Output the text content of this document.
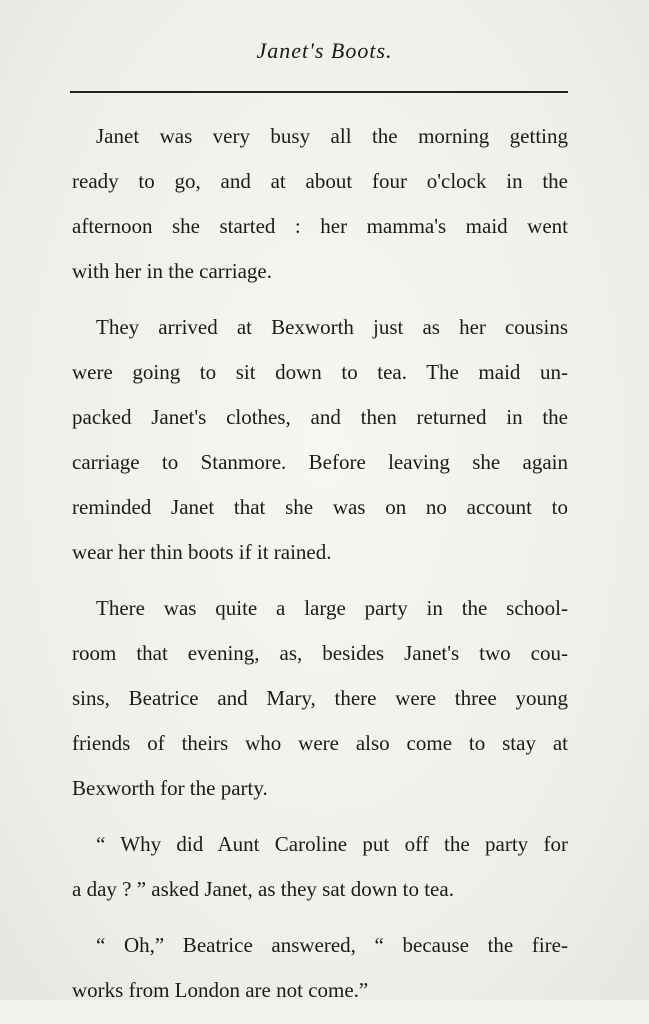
Janet's Boots.

Janet was very busy all the morning getting
ready to go, and at about four o'clock in the
afternoon she started : her mamma's maid went
with her in the carriage.

They arrived at Bexworth just as her cousins
were going to sit down to tea. The maid un-
packed Janet's clothes, and then returned in the
carriage to Stanmore. Before leaving she again
reminded Janet that she was on no account to
wear her thin boots if it rained.

There was quite a large party in the school-
room that evening, as, besides Janet's two cou-
sins, Beatrice and Mary, there were three young
friends of theirs who were also come to stay at
Bexworth for the party.

“ Why did Aunt Caroline put off the party for
a day ? ” asked Janet, as they sat down to tea.

“ Oh,” Beatrice answered, “ because the fire-
works from London are not come.”
